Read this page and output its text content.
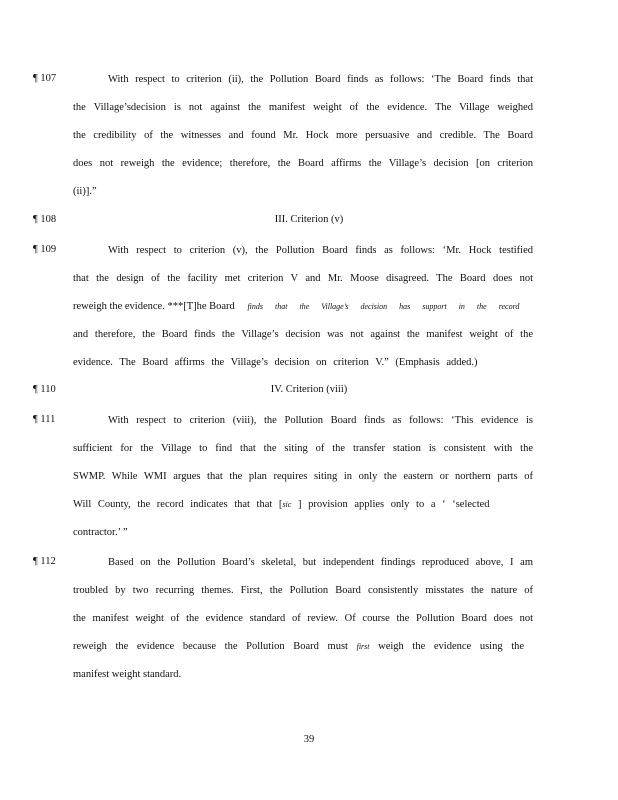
¶ 107	With respect to criterion (ii), the Pollution Board finds as follows: ‘The Board finds that
the Village’sdecision is not against the manifest weight of the evidence. The Village weighed
the credibility of the witnesses and found Mr. Hock more persuasive and credible. The Board
does not reweigh the evidence; therefore, the Board affirms the Village’s decision [on criterion
(ii)].”
¶ 108	III. Criterion (v)
¶ 109	With respect to criterion (v), the Pollution Board finds as follows: ‘Mr. Hock testified
that the design of the facility met criterion V and Mr. Moose disagreed. The Board does not
reweigh the evidence. ***[T]he Board finds that the Village’s decision has support in the record
and therefore, the Board finds the Village’s decision was not against the manifest weight of the
evidence. The Board affirms the Village’s decision on criterion V.” (Emphasis added.)
¶ 110	IV. Criterion (viii)
¶ 111	With respect to criterion (viii), the Pollution Board finds as follows: ‘This evidence is
sufficient for the Village to find that the siting of the transfer station is consistent with the
SWMP. While WMI argues that the plan requires siting in only the eastern or northern parts of
Will County, the record indicates that that [sic ] provision applies only to a ‘ ‘selected
contractor.’ ”
¶ 112	Based on the Pollution Board’s skeletal, but independent findings reproduced above, I am
troubled by two recurring themes. First, the Pollution Board consistently misstates the nature of
the manifest weight of the evidence standard of review. Of course the Pollution Board does not
reweigh the evidence because the Pollution Board must first weigh the evidence using the
manifest weight standard.
39
